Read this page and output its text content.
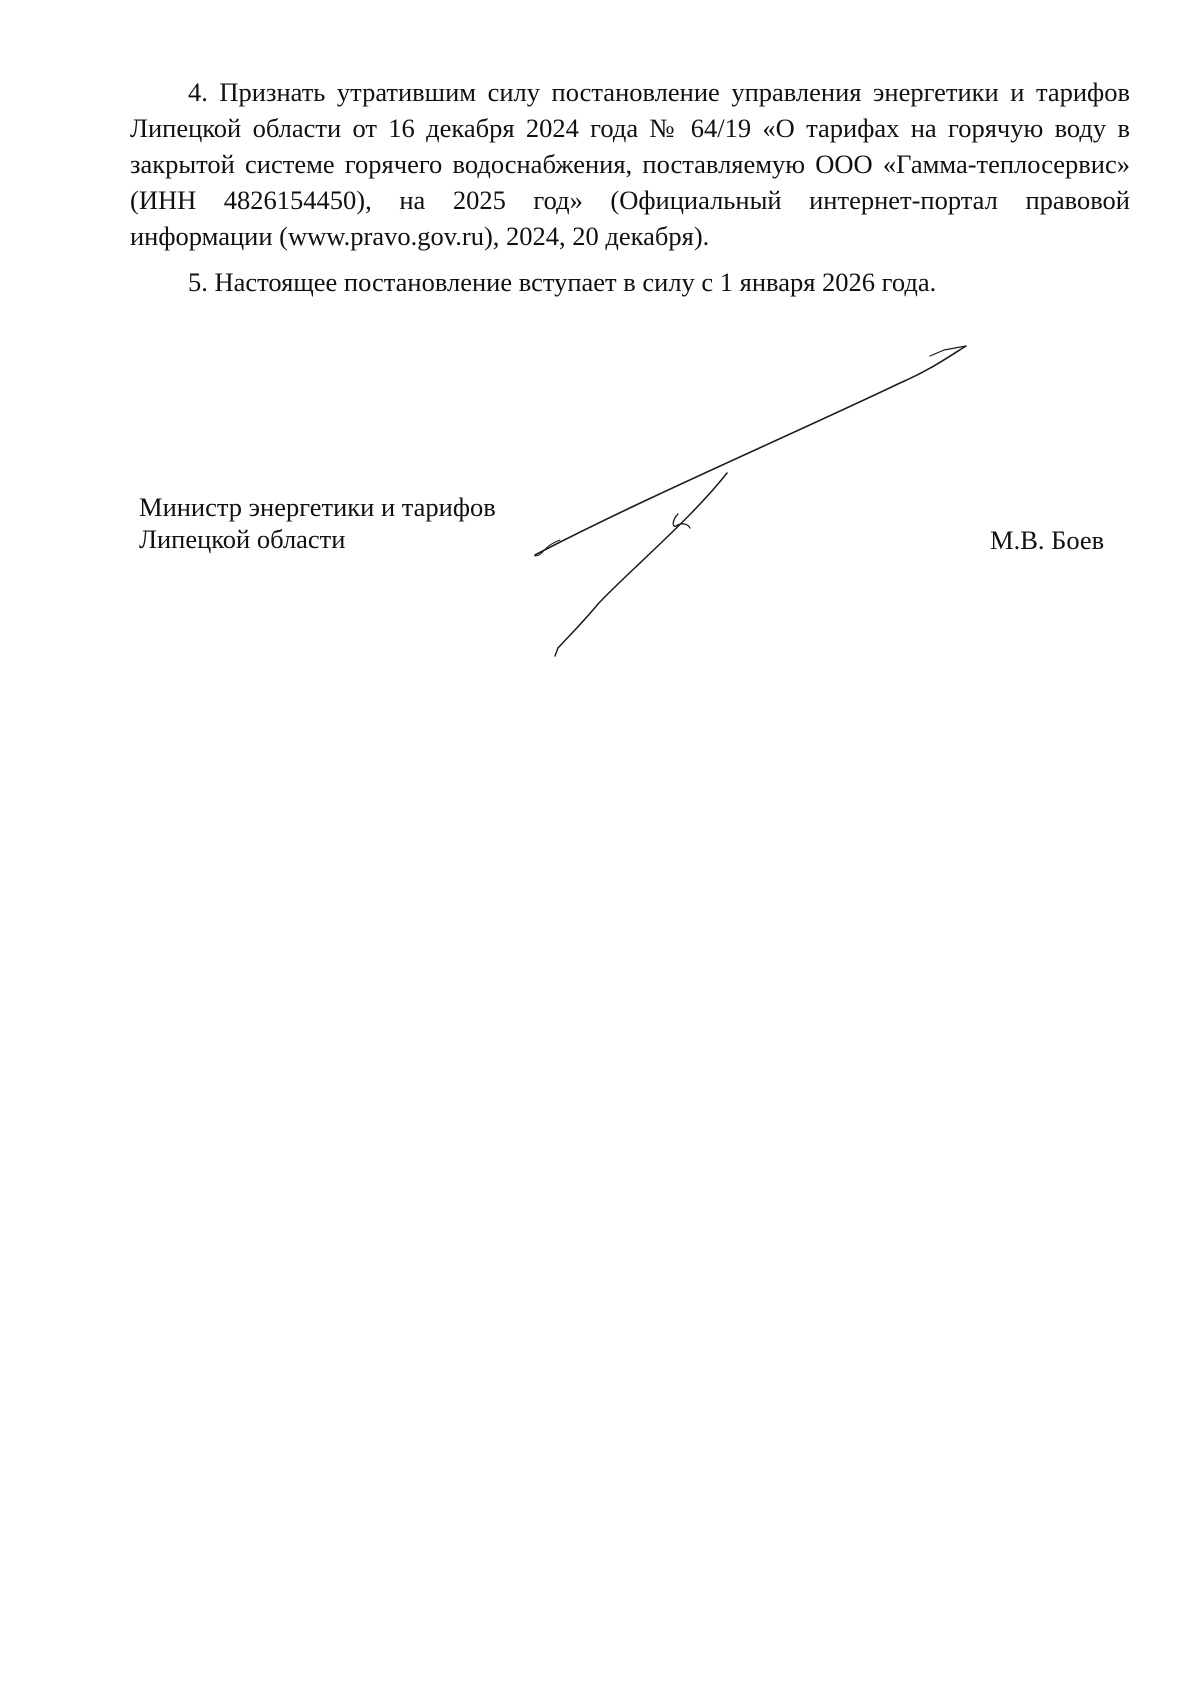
4. Признать утратившим силу постановление управления энергетики и тарифов Липецкой области от 16 декабря 2024 года № 64/19 «О тарифах на горячую воду в закрытой системе горячего водоснабжения, поставляемую ООО «Гамма-теплосервис» (ИНН 4826154450), на 2025 год» (Официальный интернет-портал правовой информации (www.pravo.gov.ru), 2024, 20 декабря).

5. Настоящее постановление вступает в силу с 1 января 2026 года.

Министр энергетики и тарифов
Липецкой области	М.В. Боев
